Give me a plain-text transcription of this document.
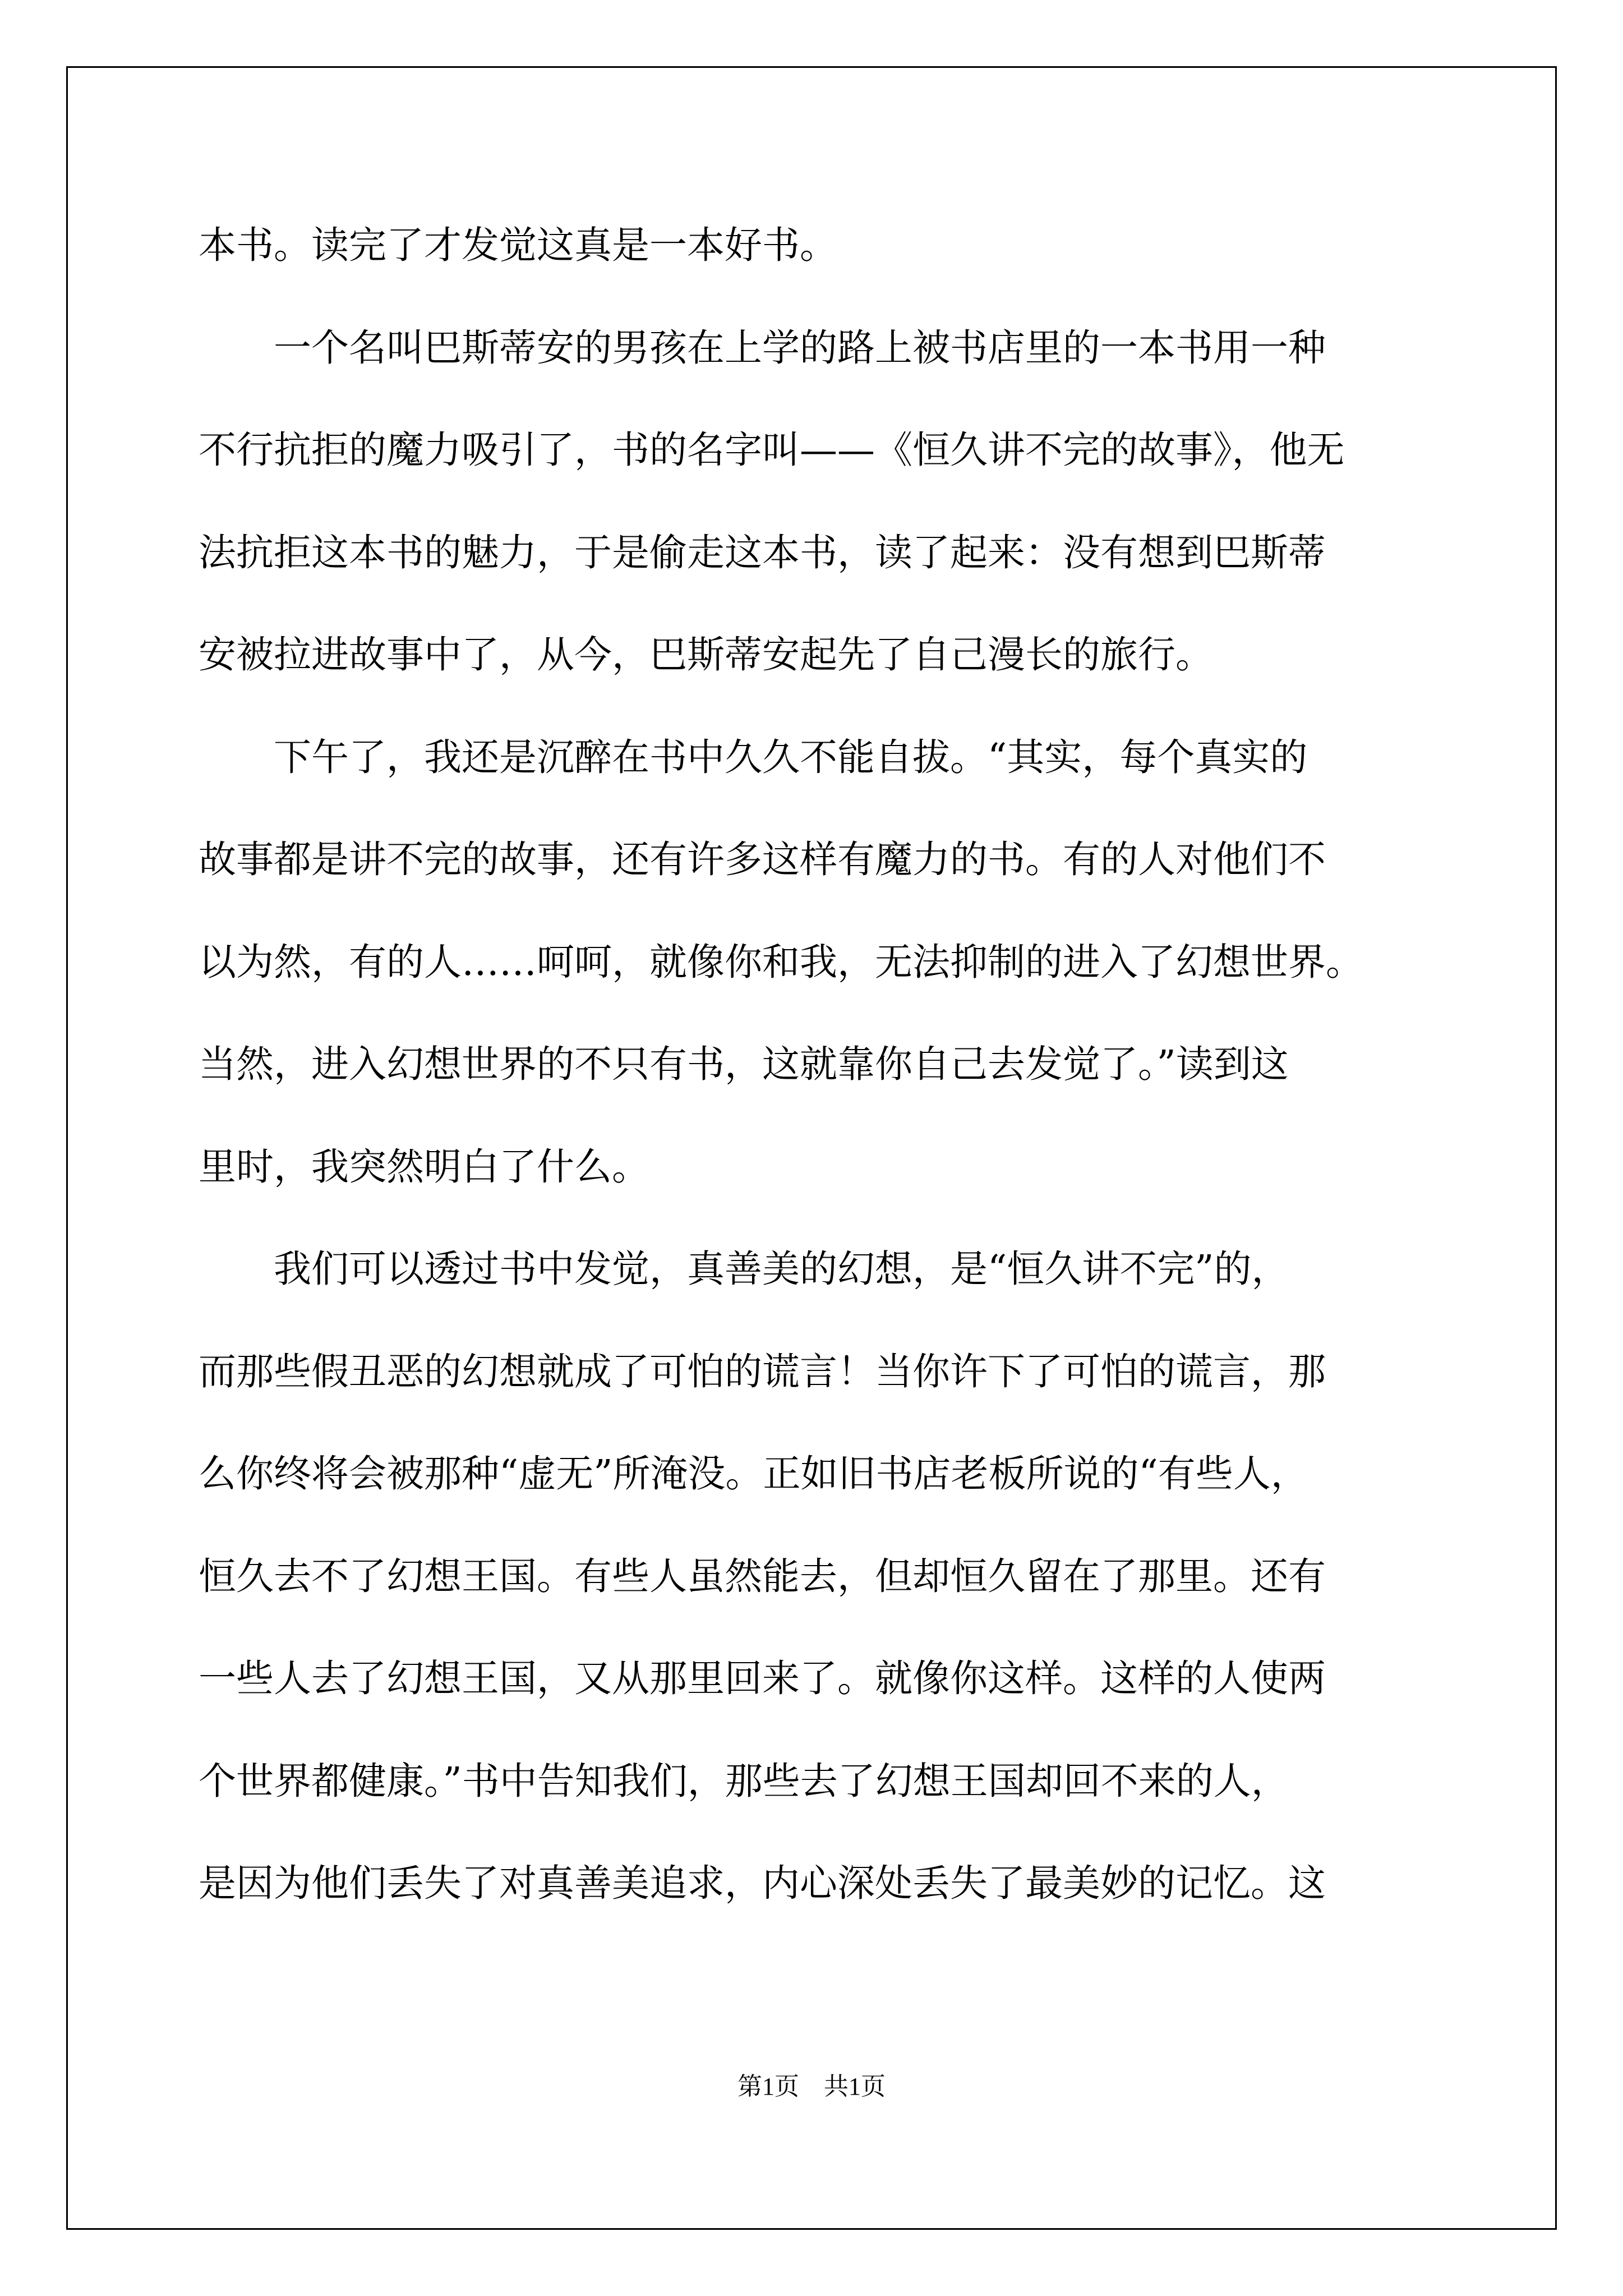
本书。读完了才发觉这真是一本好书。
　　一个名叫巴斯蒂安的男孩在上学的路上被书店里的一本书用一种
不行抗拒的魔力吸引了，书的名字叫——《恒久讲不完的故事》，他无
法抗拒这本书的魅力，于是偷走这本书，读了起来：没有想到巴斯蒂
安被拉进故事中了，从今，巴斯蒂安起先了自己漫长的旅行。
　　下午了，我还是沉醉在书中久久不能自拔。“其实，每个真实的
故事都是讲不完的故事，还有许多这样有魔力的书。有的人对他们不
以为然，有的人……呵呵，就像你和我，无法抑制的进入了幻想世界。
当然，进入幻想世界的不只有书，这就靠你自己去发觉了。”读到这
里时，我突然明白了什么。
　　我们可以透过书中发觉，真善美的幻想，是“恒久讲不完”的，
而那些假丑恶的幻想就成了可怕的谎言！当你许下了可怕的谎言，那
么你终将会被那种“虚无”所淹没。正如旧书店老板所说的“有些人，
恒久去不了幻想王国。有些人虽然能去，但却恒久留在了那里。还有
一些人去了幻想王国，又从那里回来了。就像你这样。这样的人使两
个世界都健康。”书中告知我们，那些去了幻想王国却回不来的人，
是因为他们丢失了对真善美追求，内心深处丢失了最美妙的记忆。这
第1页　共1页
